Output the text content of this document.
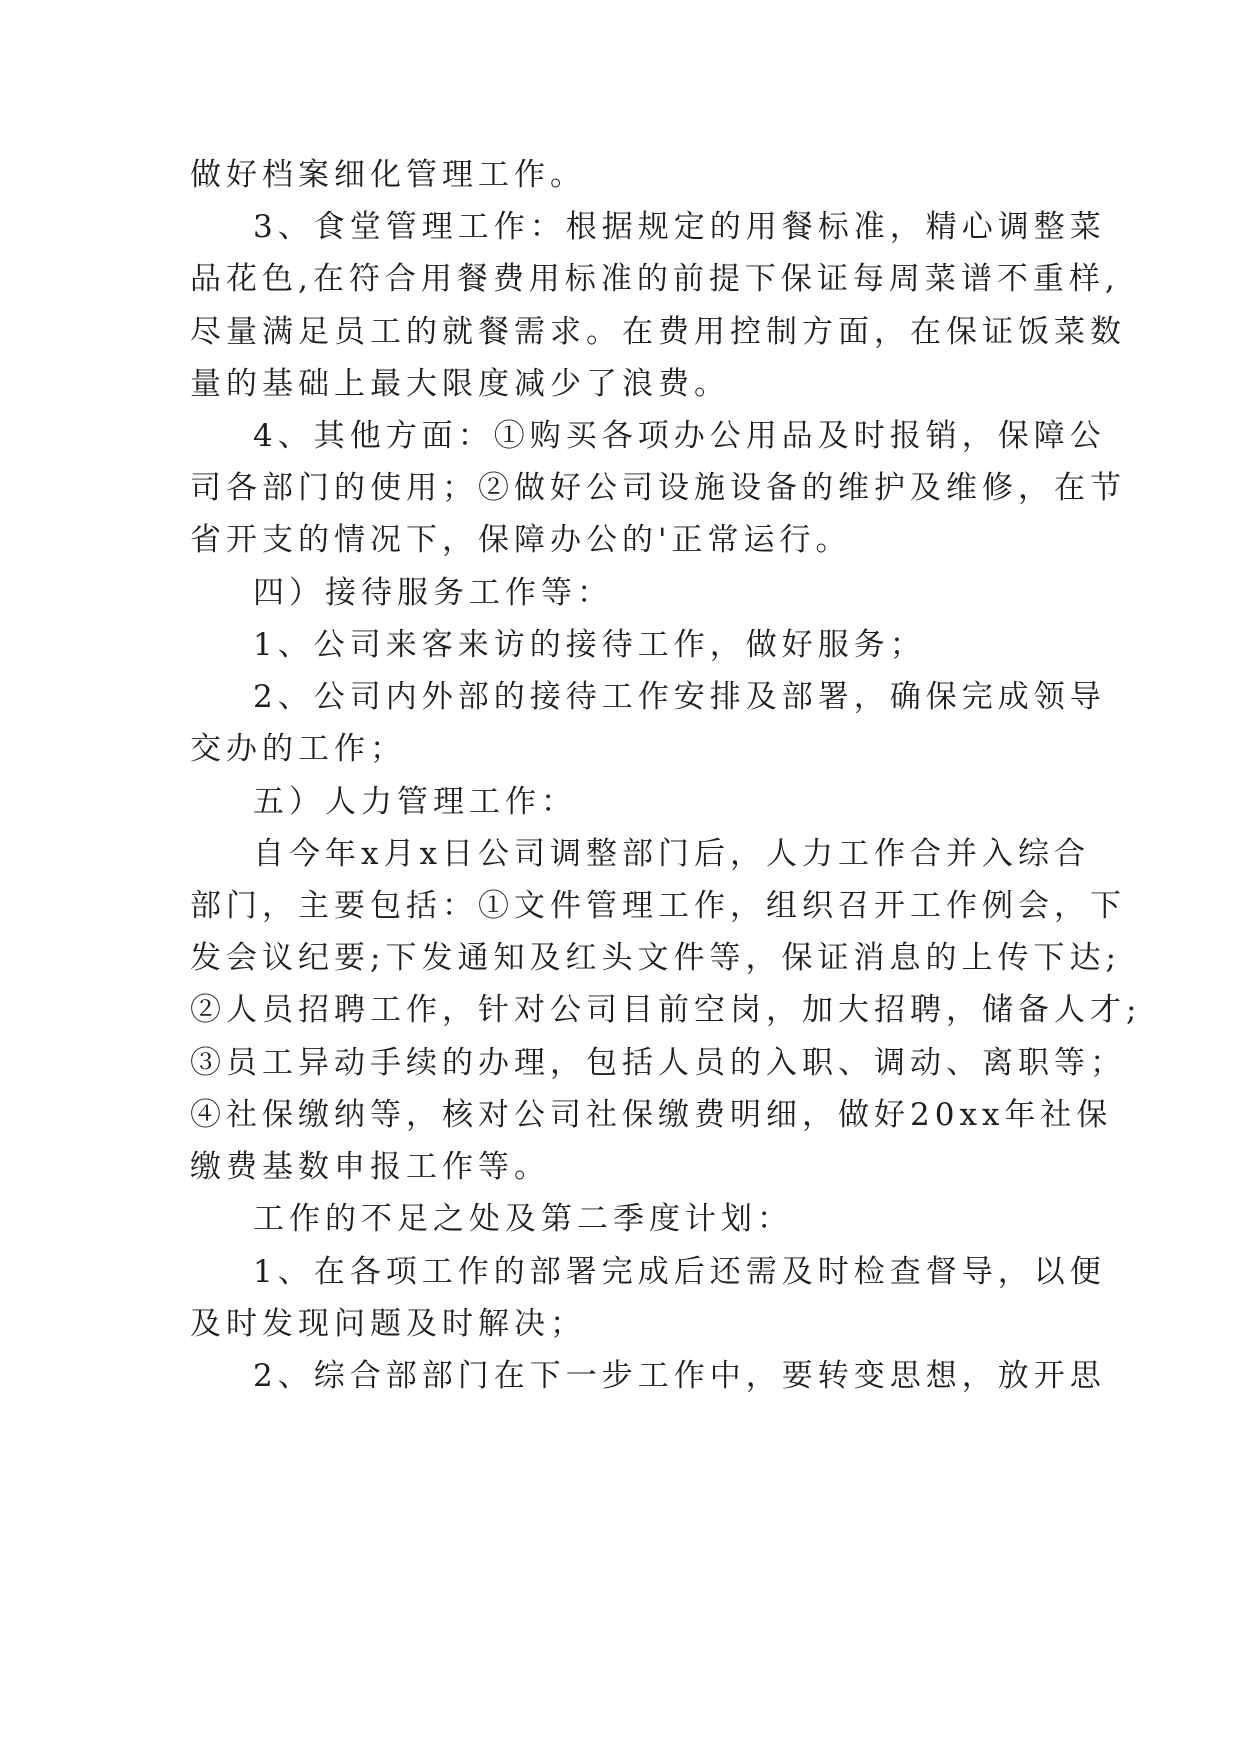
做好档案细化管理工作。
3、食堂管理工作：根据规定的用餐标准，精心调整菜
品花色,在符合用餐费用标准的前提下保证每周菜谱不重样,
尽量满足员工的就餐需求。在费用控制方面，在保证饭菜数
量的基础上最大限度减少了浪费。
4、其他方面：①购买各项办公用品及时报销，保障公
司各部门的使用；②做好公司设施设备的维护及维修，在节
省开支的情况下，保障办公的'正常运行。
四）接待服务工作等：
1、公司来客来访的接待工作，做好服务；
2、公司内外部的接待工作安排及部署，确保完成领导
交办的工作；
五）人力管理工作：
自今年x月x日公司调整部门后，人力工作合并入综合
部门，主要包括：①文件管理工作，组织召开工作例会，下
发会议纪要;下发通知及红头文件等，保证消息的上传下达;
②人员招聘工作，针对公司目前空岗，加大招聘，储备人才;
③员工异动手续的办理，包括人员的入职、调动、离职等；
④社保缴纳等，核对公司社保缴费明细，做好20xx年社保
缴费基数申报工作等。
工作的不足之处及第二季度计划：
1、在各项工作的部署完成后还需及时检查督导，以便
及时发现问题及时解决；
2、综合部部门在下一步工作中，要转变思想，放开思
